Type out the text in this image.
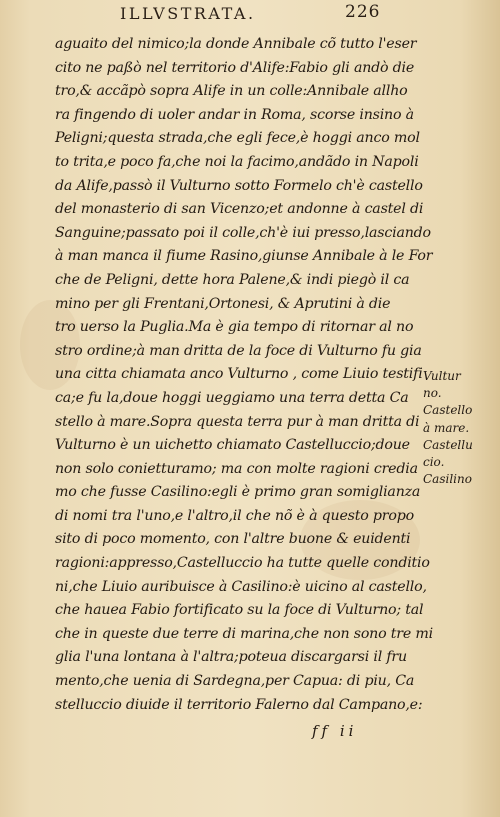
ILLVSTRATA.	226
aguaito del nimico;la donde Annibale cõ tutto l'eser
cito ne paßò nel territorio d'Alife:Fabio gli andò die
tro,& accãpò sopra Alife in un colle:Annibale allho
ra fingendo di uoler andar in Roma, scorse insino à
Peligni;questa strada,che egli fece,è hoggi anco mol
to trita,e poco fa,che noi la facimo,andãdo in Napoli
da Alife,passò il Vulturno sotto Formelo ch'è castello
del monasterio di san Vicenzo;et andonne à castel di
Sanguine;passato poi il colle,ch'è iui presso,lasciando
à man manca il fiume Rasino,giunse Annibale à le For
che de Peligni, dette hora Palene,& indi piegò il ca
mino per gli Frentani,Ortonesi, & Aprutini à die
tro uerso la Puglia.Ma è gia tempo di ritornar al no
stro ordine;à man dritta de la foce di Vulturno fu gia
una citta chiamata anco Vulturno , come Liuio testifi
ca;e fu la,doue hoggi ueggiamo una terra detta Ca
stello à mare.Sopra questa terra pur à man dritta di
Vulturno è un uichetto chiamato Castelluccio;doue
non solo conietturamo; ma con molte ragioni credia
mo che fusse Casilino:egli è primo gran somiglianza
di nomi tra l'uno,e l'altro,il che nõ è à questo propo
sito di poco momento, con l'altre buone & euidenti
ragioni:appresso,Castelluccio ha tutte quelle conditio
ni,che Liuio auribuisce à Casilino:è uicino al castello,
che hauea Fabio fortificato su la foce di Vulturno; tal
che in queste due terre di marina,che non sono tre mi
glia l'una lontana à l'altra;poteua discargarsi il fru
mento,che uenia di Sardegna,per Capua: di piu, Ca
stelluccio diuide il territorio Falerno dal Campano,e:
Vultur
no.
Castello
à mare.
Castellu
cio.
Casilino
ff ii
